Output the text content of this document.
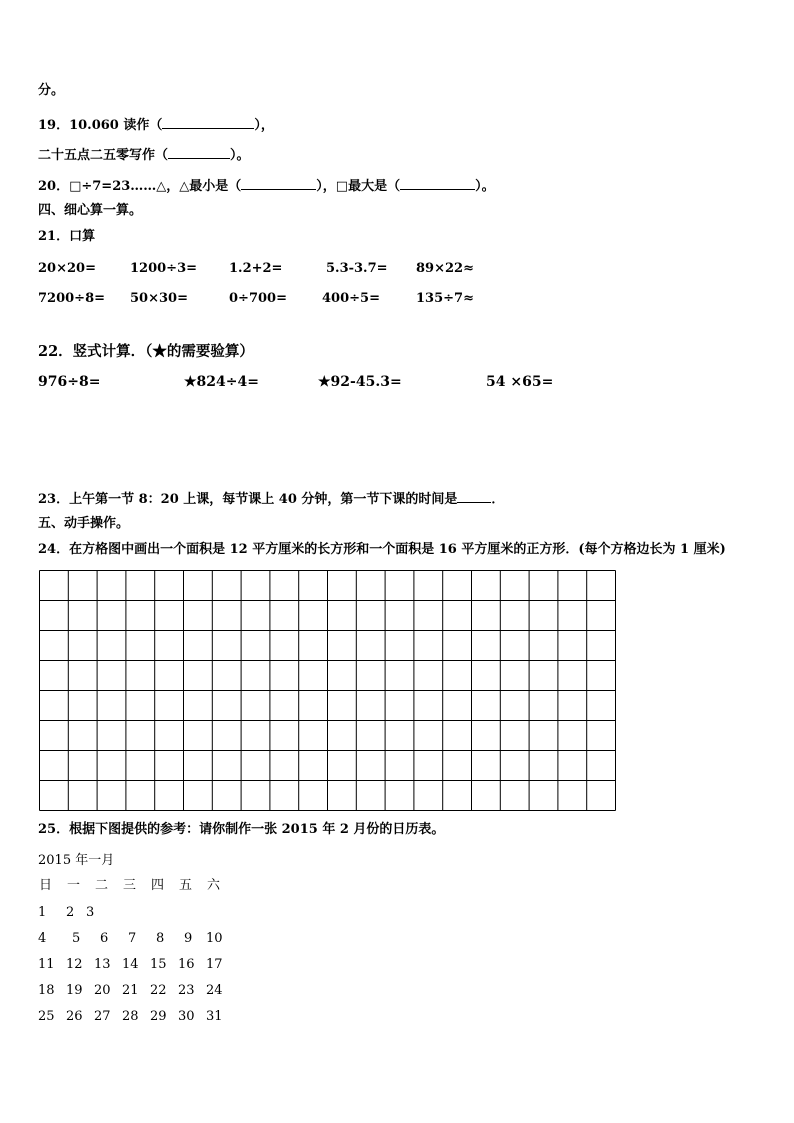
分。
19．10.060 读作（	），
二十五点二五零写作（	）。
20．□÷7=23……△，△最小是（	），□最大是（	）。
四、细心算一算。
21．口算
20×20=	1200÷3= 1.2+2=	5.3-3.7= 89×22≈
7200÷8= 50×30=	0÷700=	400÷5=	135÷7≈
22．竖式计算．（★的需要验算）
976÷8=	★824÷4=	★92-45.3=	54 ×65=
23．上午第一节 8：20 上课，每节课上 40 分钟，第一节下课的时间是	．
五、动手操作。
24．在方格图中画出一个面积是 12 平方厘米的长方形和一个面积是 16 平方厘米的正方形．(每个方格边长为 1 厘米)
25．根据下图提供的参考：请你制作一张 2015 年 2 月份的日历表。
2015 年一月
日 一 二 三 四 五 六
1 2 3
4 5 6 7 8 9 10
11 12 13 14 15 16 17
18 19 20 21 22 23 24
25 26 27 28 29 30 31
